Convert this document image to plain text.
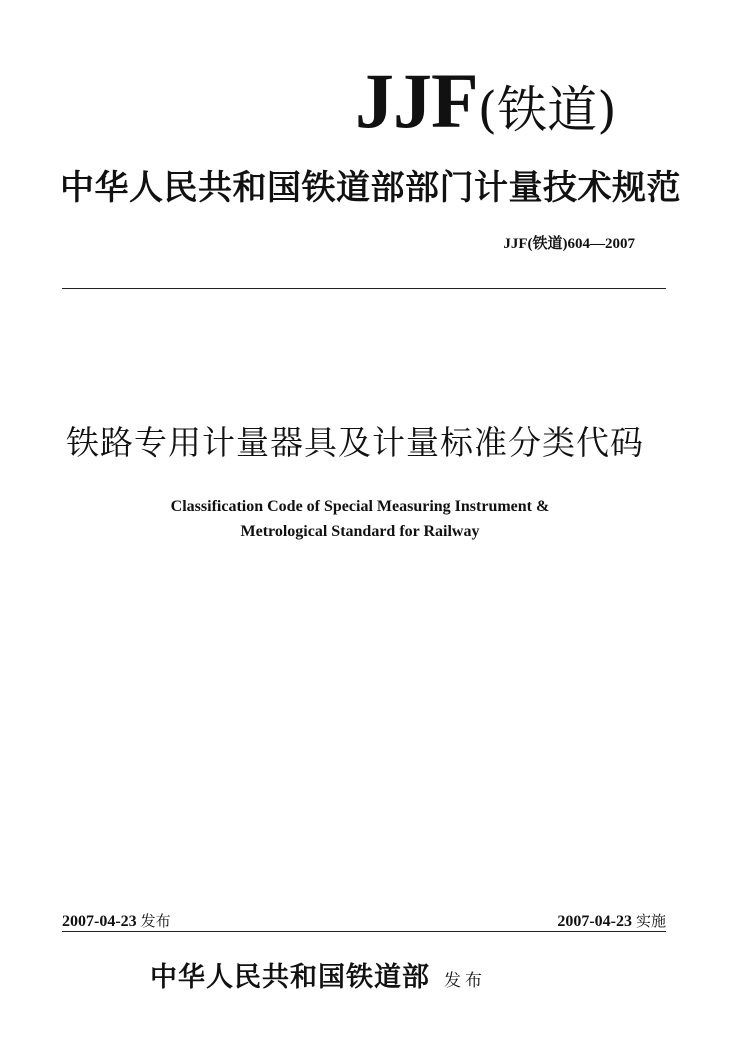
JJF(铁道)
中华人民共和国铁道部部门计量技术规范
JJF(铁道)604—2007
铁路专用计量器具及计量标准分类代码
Classification Code of Special Measuring Instrument &
Metrological Standard for Railway
2007-04-23 发布	2007-04-23 实施
中华人民共和国铁道部 发布
